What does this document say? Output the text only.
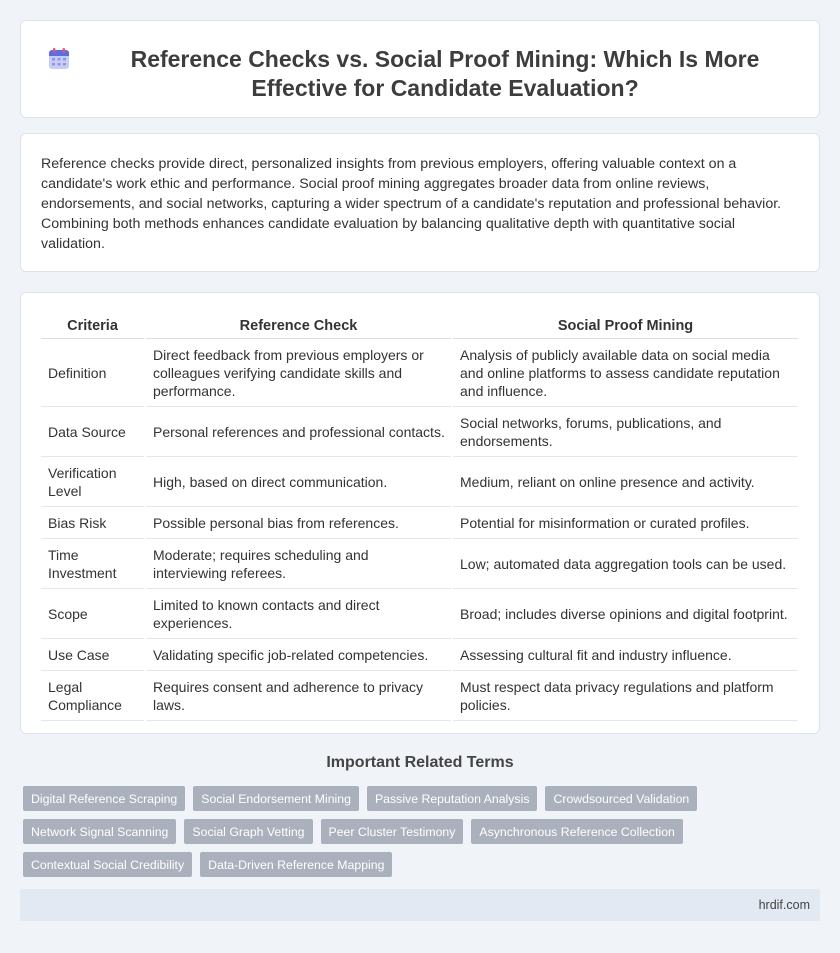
Reference Checks vs. Social Proof Mining: Which Is More Effective for Candidate Evaluation?

Reference checks provide direct, personalized insights from previous employers, offering valuable context on a candidate's work ethic and performance. Social proof mining aggregates broader data from online reviews, endorsements, and social networks, capturing a wider spectrum of a candidate's reputation and professional behavior. Combining both methods enhances candidate evaluation by balancing qualitative depth with quantitative social validation.

Criteria	Reference Check	Social Proof Mining
Definition	Direct feedback from previous employers or colleagues verifying candidate skills and performance.	Analysis of publicly available data on social media and online platforms to assess candidate reputation and influence.
Data Source	Personal references and professional contacts.	Social networks, forums, publications, and endorsements.
Verification Level	High, based on direct communication.	Medium, reliant on online presence and activity.
Bias Risk	Possible personal bias from references.	Potential for misinformation or curated profiles.
Time Investment	Moderate; requires scheduling and interviewing referees.	Low; automated data aggregation tools can be used.
Scope	Limited to known contacts and direct experiences.	Broad; includes diverse opinions and digital footprint.
Use Case	Validating specific job-related competencies.	Assessing cultural fit and industry influence.
Legal Compliance	Requires consent and adherence to privacy laws.	Must respect data privacy regulations and platform policies.
Important Related Terms
Digital Reference Scraping	Social Endorsement Mining	Passive Reputation Analysis	Crowdsourced Validation
Network Signal Scanning	Social Graph Vetting	Peer Cluster Testimony	Asynchronous Reference Collection
Contextual Social Credibility	Data-Driven Reference Mapping
hrdif.com
